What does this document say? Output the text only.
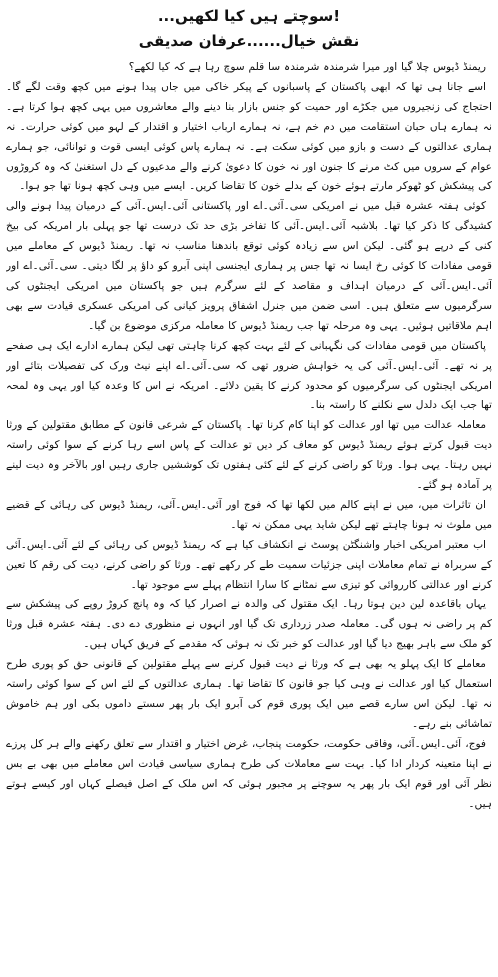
...سوچتے ہیں کیا لکھیں!
نقش خیال......عرفان صدیقی

ریمنڈ ڈیوس چلا گیا اور میرا شرمندہ شرمندہ سا قلم سوچ رہا ہے کہ کیا لکھے؟

اسے جانا ہی تھا کہ ابھی پاکستان کے پاسبانوں کے پیکر خاکی میں جاں پیدا ہونے میں کچھ وقت لگے گا۔ احتجاج کی زنجیروں میں جکڑے اور حمیت کو جنس بازار بنا دینے والے معاشروں میں یہی کچھ ہوا کرتا ہے۔ نہ ہمارے ہاں حبان استقامت میں دم خم ہے، نہ ہمارے ارباب اختیار و اقتدار کے لہو میں کوئی حرارت۔ نہ ہماری عدالتوں کے دست و بازو میں کوئی سکت ہے۔ نہ ہمارے پاس کوئی ایسی قوت و توانائی، جو ہمارے عوام کے سروں میں کٹ مرنے کا جنون اور نہ خون کا دعویٰ کرنے والے مدعیوں کے دل استغنیٰ کہ وہ کروڑوں کی پیشکش کو ٹھوکر مارتے ہوئے خون کے بدلے خون کا تقاضا کریں۔ ایسے میں وہی کچھ ہونا تھا جو ہوا۔

کوئی ہفتہ عشرہ قبل میں نے امریکی سی۔آئی۔اے اور پاکستانی آئی۔ایس۔آئی کے درمیان پیدا ہونے والی کشیدگی کا ذکر کیا تھا۔ بلاشبہ آئی۔ایس۔آئی کا تفاخر بڑی حد تک درست تھا جو پہلی بار امریکہ کی بیخ کنی کے درپے ہو گئی۔ لیکن اس سے زیادہ کوئی توقع باندھنا مناسب نہ تھا۔ ریمنڈ ڈیوس کے معاملے میں قومی مفادات کا کوئی رخ ایسا نہ تھا جس پر ہماری ایجنسی اپنی آبرو کو داؤ پر لگا دیتی۔ سی۔آئی۔اے اور آئی۔ایس۔آئی کے درمیان اہداف و مقاصد کے لئے سرگرم ہیں جو پاکستان میں امریکی ایجنٹوں کی سرگرمیوں سے متعلق ہیں۔ اسی ضمن میں جنرل اشفاق پرویز کیانی کی امریکی عسکری قیادت سے بھی اہم ملاقاتیں ہوئیں۔ یہی وہ مرحلہ تھا جب ریمنڈ ڈیوس کا معاملہ مرکزی موضوع بن گیا۔

پاکستان میں قومی مفادات کی نگہبانی کے لئے بہت کچھ کرنا چاہتی تھی لیکن ہمارے ادارے ایک ہی صفحے پر نہ تھے۔ آئی۔ایس۔آئی کی یہ خواہش ضرور تھی کہ سی۔آئی۔اے اپنے نیٹ ورک کی تفصیلات بتائے اور امریکی ایجنٹوں کی سرگرمیوں کو محدود کرنے کا یقین دلائے۔ امریکہ نے اس کا وعدہ کیا اور یہی وہ لمحہ تھا جب ایک دلدل سے نکلنے کا راستہ بنا۔

معاملہ عدالت میں تھا اور عدالت کو اپنا کام کرنا تھا۔ پاکستان کے شرعی قانون کے مطابق مقتولین کے ورثا دیت قبول کرتے ہوئے ریمنڈ ڈیوس کو معاف کر دیں تو عدالت کے پاس اسے رہا کرنے کے سوا کوئی راستہ نہیں رہتا۔ یہی ہوا۔ ورثا کو راضی کرنے کے لئے کئی ہفتوں تک کوششیں جاری رہیں اور بالآخر وہ دیت لینے پر آمادہ ہو گئے۔

ان تاثرات میں، میں نے اپنے کالم میں لکھا تھا کہ فوج اور آئی۔ایس۔آئی، ریمنڈ ڈیوس کی رہائی کے قضیے میں ملوث نہ ہونا چاہتے تھے لیکن شاید یہی ممکن نہ تھا۔

اب معتبر امریکی اخبار واشنگٹن پوسٹ نے انکشاف کیا ہے کہ ریمنڈ ڈیوس کی رہائی کے لئے آئی۔ایس۔آئی کے سربراہ نے تمام معاملات اپنی جزئیات سمیت طے کر رکھے تھے۔ ورثا کو راضی کرنے، دیت کی رقم کا تعین کرنے اور عدالتی کارروائی کو تیزی سے نمٹانے کا سارا انتظام پہلے سے موجود تھا۔

یہاں باقاعدہ لین دین ہوتا رہا۔ ایک مقتول کی والدہ نے اصرار کیا کہ وہ پانچ کروڑ روپے کی پیشکش سے کم پر راضی نہ ہوں گی۔ معاملہ صدر زرداری تک گیا اور انہوں نے منظوری دے دی۔ ہفتہ عشرہ قبل ورثا کو ملک سے باہر بھیج دیا گیا اور عدالت کو خبر تک نہ ہوئی کہ مقدمے کے فریق کہاں ہیں۔

معاملے کا ایک پہلو یہ بھی ہے کہ ورثا نے دیت قبول کرنے سے پہلے مقتولین کے قانونی حق کو پوری طرح استعمال کیا اور عدالت نے وہی کیا جو قانون کا تقاضا تھا۔ ہماری عدالتوں کے لئے اس کے سوا کوئی راستہ نہ تھا۔ لیکن اس سارے قصے میں ایک پوری قوم کی آبرو ایک بار پھر سستے داموں بکی اور ہم خاموش تماشائی بنے رہے۔

فوج، آئی۔ایس۔آئی، وفاقی حکومت، حکومت پنجاب، غرض اختیار و اقتدار سے تعلق رکھنے والے ہر کل پرزے نے اپنا متعینہ کردار ادا کیا۔ بہت سے معاملات کی طرح ہماری سیاسی قیادت اس معاملے میں بھی بے بس نظر آئی اور قوم ایک بار پھر یہ سوچنے پر مجبور ہوئی کہ اس ملک کے اصل فیصلے کہاں اور کیسے ہوتے ہیں۔
